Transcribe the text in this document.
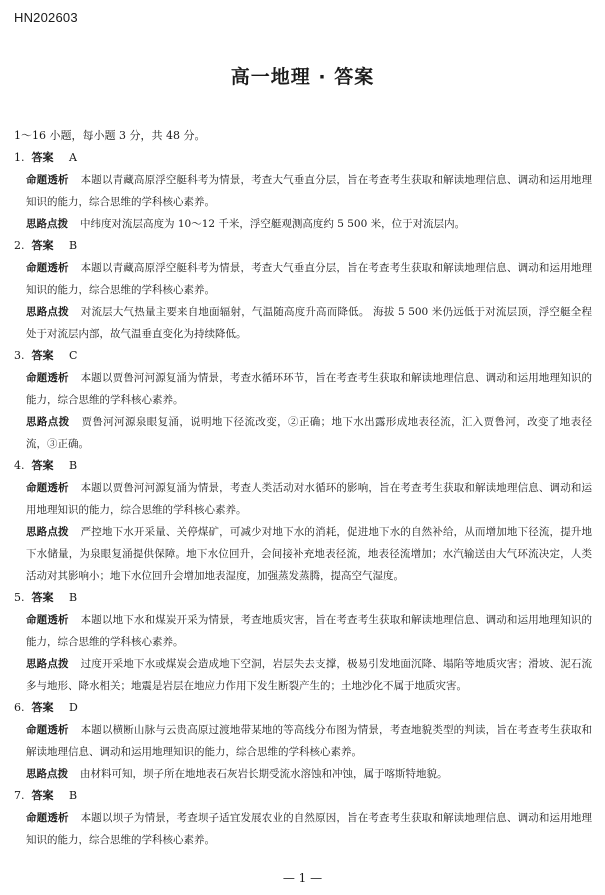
HN202603
高一地理 · 答案
1～16 小题，每小题 3 分，共 48 分。
1. 答案 A
命题透析 本题以青藏高原浮空艇科考为情景，考查大气垂直分层，旨在考查考生获取和解读地理信息、调动和运用地理知识的能力，综合思维的学科核心素养。
思路点拨 中纬度对流层高度为 10～12 千米，浮空艇观测高度约 5 500 米，位于对流层内。
2. 答案 B
命题透析 本题以青藏高原浮空艇科考为情景，考查大气垂直分层，旨在考查考生获取和解读地理信息、调动和运用地理知识的能力，综合思维的学科核心素养。
思路点拨 对流层大气热量主要来自地面辐射，气温随高度升高而降低。 海拔 5 500 米仍远低于对流层顶，浮空艇全程处于对流层内部，故气温垂直变化为持续降低。
3. 答案 C
命题透析 本题以贾鲁河河源复涌为情景，考查水循环环节，旨在考查考生获取和解读地理信息、调动和运用地理知识的能力，综合思维的学科核心素养。
思路点拨 贾鲁河河源泉眼复涌，说明地下径流改变，②正确；地下水出露形成地表径流，汇入贾鲁河，改变了地表径流，③正确。
4. 答案 B
命题透析 本题以贾鲁河河源复涌为情景，考查人类活动对水循环的影响，旨在考查考生获取和解读地理信息、调动和运用地理知识的能力，综合思维的学科核心素养。
思路点拨 严控地下水开采量、关停煤矿，可减少对地下水的消耗，促进地下水的自然补给，从而增加地下径流，提升地下水储量，为泉眼复涌提供保障。地下水位回升，会间接补充地表径流，地表径流增加；水汽输送由大气环流决定，人类活动对其影响小；地下水位回升会增加地表湿度，加强蒸发蒸腾，提高空气湿度。
5. 答案 B
命题透析 本题以地下水和煤炭开采为情景，考查地质灾害，旨在考查考生获取和解读地理信息、调动和运用地理知识的能力，综合思维的学科核心素养。
思路点拨 过度开采地下水或煤炭会造成地下空洞，岩层失去支撑，极易引发地面沉降、塌陷等地质灾害；滑坡、泥石流多与地形、降水相关；地震是岩层在地应力作用下发生断裂产生的；土地沙化不属于地质灾害。
6. 答案 D
命题透析 本题以横断山脉与云贵高原过渡地带某地的等高线分布图为情景，考查地貌类型的判读，旨在考查考生获取和解读地理信息、调动和运用地理知识的能力，综合思维的学科核心素养。
思路点拨 由材料可知，坝子所在地地表石灰岩长期受流水溶蚀和冲蚀，属于喀斯特地貌。
7. 答案 B
命题透析 本题以坝子为情景，考查坝子适宜发展农业的自然原因，旨在考查考生获取和解读地理信息、调动和运用地理知识的能力，综合思维的学科核心素养。
— 1 —
